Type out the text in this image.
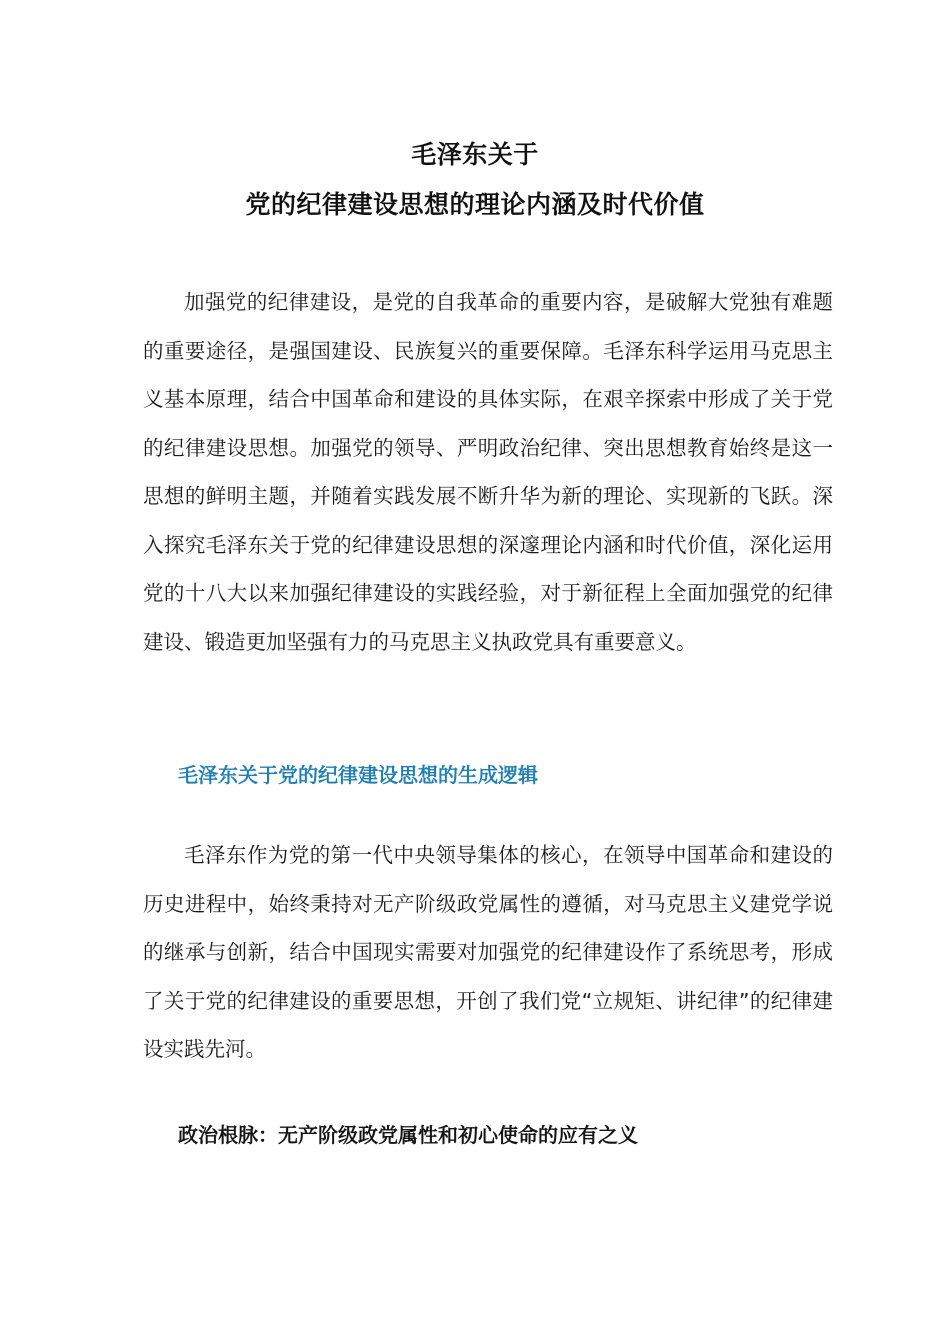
毛泽东关于
党的纪律建设思想的理论内涵及时代价值

加强党的纪律建设，是党的自我革命的重要内容，是破解大党独有难题的重要途径，是强国建设、民族复兴的重要保障。毛泽东科学运用马克思主义基本原理，结合中国革命和建设的具体实际，在艰辛探索中形成了关于党的纪律建设思想。加强党的领导、严明政治纪律、突出思想教育始终是这一思想的鲜明主题，并随着实践发展不断升华为新的理论、实现新的飞跃。深入探究毛泽东关于党的纪律建设思想的深邃理论内涵和时代价值，深化运用党的十八大以来加强纪律建设的实践经验，对于新征程上全面加强党的纪律建设、锻造更加坚强有力的马克思主义执政党具有重要意义。

毛泽东关于党的纪律建设思想的生成逻辑

毛泽东作为党的第一代中央领导集体的核心，在领导中国革命和建设的历史进程中，始终秉持对无产阶级政党属性的遵循，对马克思主义建党学说的继承与创新，结合中国现实需要对加强党的纪律建设作了系统思考，形成了关于党的纪律建设的重要思想，开创了我们党“立规矩、讲纪律”的纪律建设实践先河。

政治根脉：无产阶级政党属性和初心使命的应有之义
